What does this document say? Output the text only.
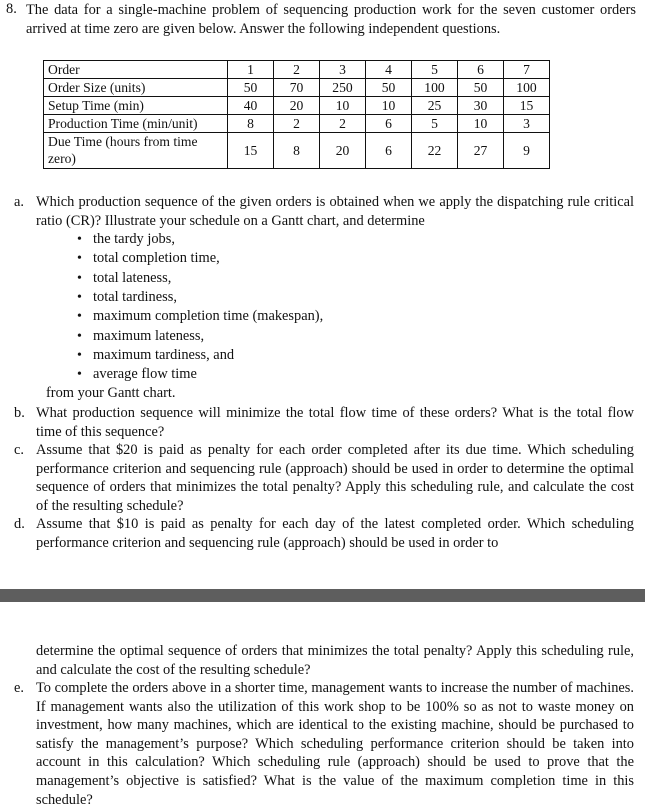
8. The data for a single-machine problem of sequencing production work for the seven customer orders arrived at time zero are given below. Answer the following independent questions.
Order	1	2	3	4	5	6	7
Order Size (units)	50	70	250	50	100	50	100
Setup Time (min)	40	20	10	10	25	30	15
Production Time (min/unit)	8	2	2	6	5	10	3
Due Time (hours from time zero)	15	8	20	6	22	27	9
a. Which production sequence of the given orders is obtained when we apply the dispatching rule critical ratio (CR)? Illustrate your schedule on a Gantt chart, and determine
• the tardy jobs,
• total completion time,
• total lateness,
• total tardiness,
• maximum completion time (makespan),
• maximum lateness,
• maximum tardiness, and
• average flow time
from your Gantt chart.
b. What production sequence will minimize the total flow time of these orders? What is the total flow time of this sequence?
c. Assume that $20 is paid as penalty for each order completed after its due time. Which scheduling performance criterion and sequencing rule (approach) should be used in order to determine the optimal sequence of orders that minimizes the total penalty? Apply this scheduling rule, and calculate the cost of the resulting schedule?
d. Assume that $10 is paid as penalty for each day of the latest completed order. Which scheduling performance criterion and sequencing rule (approach) should be used in order to
determine the optimal sequence of orders that minimizes the total penalty? Apply this scheduling rule, and calculate the cost of the resulting schedule?
e. To complete the orders above in a shorter time, management wants to increase the number of machines. If management wants also the utilization of this work shop to be 100% so as not to waste money on investment, how many machines, which are identical to the existing machine, should be purchased to satisfy the management’s purpose? Which scheduling performance criterion should be taken into account in this calculation? Which scheduling rule (approach) should be used to prove that the management’s objective is satisfied? What is the value of the maximum completion time in this schedule?
